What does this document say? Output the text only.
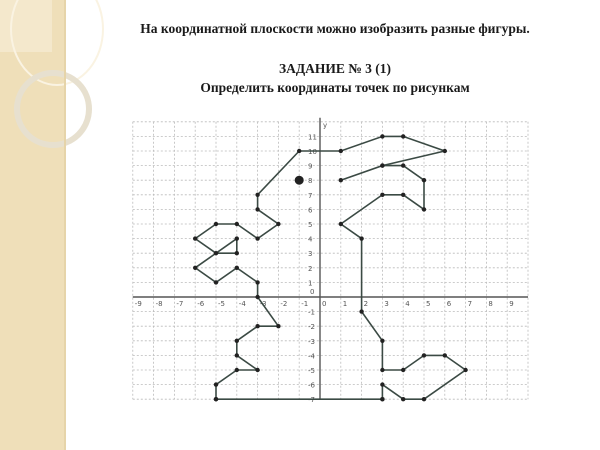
На координатной плоскости можно изобразить разные фигуры.
ЗАДАНИЕ № 3 (1)
Определить координаты точек по рисункам
-9 -8 -7 -6 -5 -4 -3 -2 -1 0 1 2 3 4 5 6 7 8 9
-7
-6
-5
-4
-3
-2
-1
1
2
3
4
5
6
7
8
9
10
11
0
y
